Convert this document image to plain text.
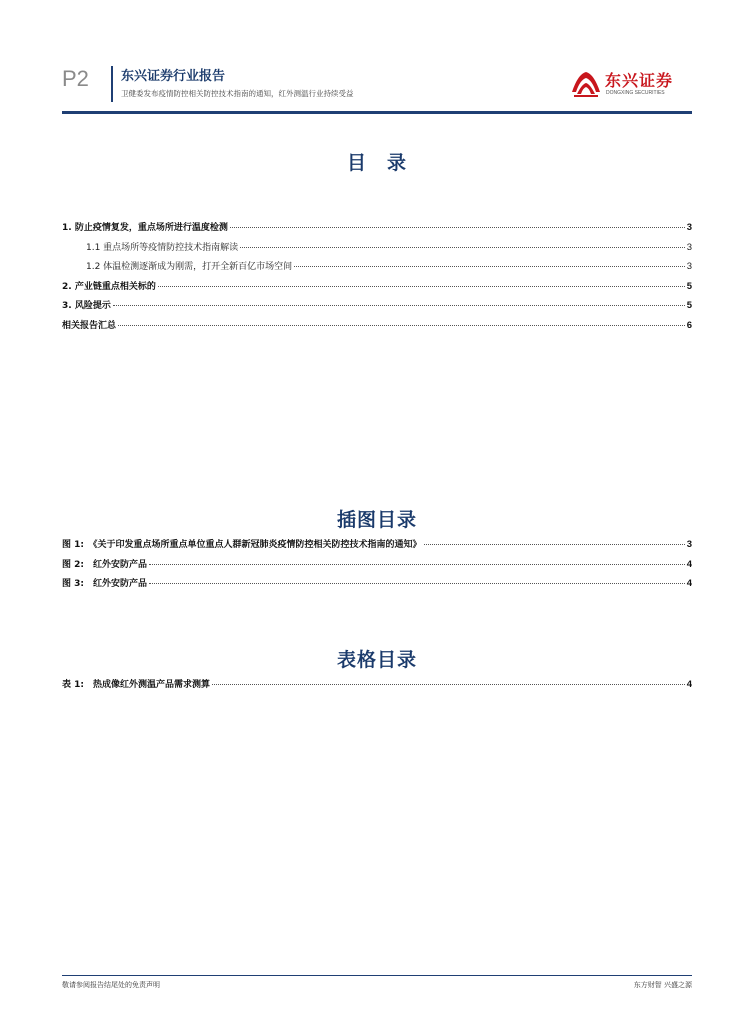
P2 东兴证券行业报告
卫健委发布疫情防控相关防控技术指南的通知，红外测温行业持续受益
东兴证券
DONGXING SECURITIES
目　录
1. 防止疫情复发，重点场所进行温度检测	3
1.1 重点场所等疫情防控技术指南解读	3
1.2 体温检测逐渐成为刚需，打开全新百亿市场空间	3
2. 产业链重点相关标的	5
3. 风险提示	5
相关报告汇总	6
插图目录
图 1:　《关于印发重点场所重点单位重点人群新冠肺炎疫情防控相关防控技术指南的通知》	3
图 2:　红外安防产品	4
图 3:　红外安防产品	4
表格目录
表 1:　热成像红外测温产品需求测算	4
敬请参阅报告结尾处的免责声明	东方财智 兴盛之源
